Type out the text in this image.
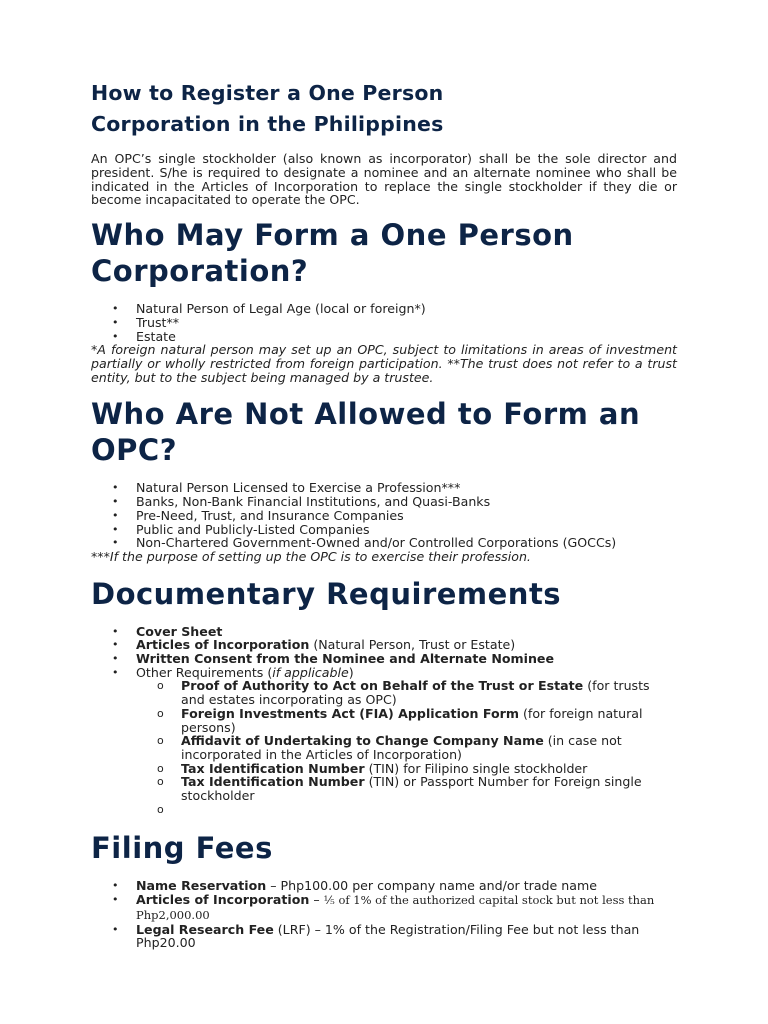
How to Register a One Person
Corporation in the Philippines

An OPC’s single stockholder (also known as incorporator) shall be the sole director and president. S/he is required to designate a nominee and an alternate nominee who shall be indicated in the Articles of Incorporation to replace the single stockholder if they die or become incapacitated to operate the OPC.

Who May Form a One Person Corporation?
• Natural Person of Legal Age (local or foreign*)
• Trust**
• Estate

*A foreign natural person may set up an OPC, subject to limitations in areas of investment partially or wholly restricted from foreign participation. **The trust does not refer to a trust entity, but to the subject being managed by a trustee.

Who Are Not Allowed to Form an OPC?
• Natural Person Licensed to Exercise a Profession***
• Banks, Non-Bank Financial Institutions, and Quasi-Banks
• Pre-Need, Trust, and Insurance Companies
• Public and Publicly-Listed Companies
• Non-Chartered Government-Owned and/or Controlled Corporations (GOCCs)

***If the purpose of setting up the OPC is to exercise their profession.

Documentary Requirements
• Cover Sheet
• Articles of Incorporation (Natural Person, Trust or Estate)
• Written Consent from the Nominee and Alternate Nominee
• Other Requirements (if applicable)
o Proof of Authority to Act on Behalf of the Trust or Estate (for trusts and estates incorporating as OPC)
o Foreign Investments Act (FIA) Application Form (for foreign natural persons)
o Affidavit of Undertaking to Change Company Name (in case not incorporated in the Articles of Incorporation)
o Tax Identification Number (TIN) for Filipino single stockholder
o Tax Identification Number (TIN) or Passport Number for Foreign single stockholder
o
Filing Fees
• Name Reservation – Php100.00 per company name and/or trade name
• Articles of Incorporation – ⅕ of 1% of the authorized capital stock but not less than Php2,000.00
• Legal Research Fee (LRF) – 1% of the Registration/Filing Fee but not less than Php20.00
